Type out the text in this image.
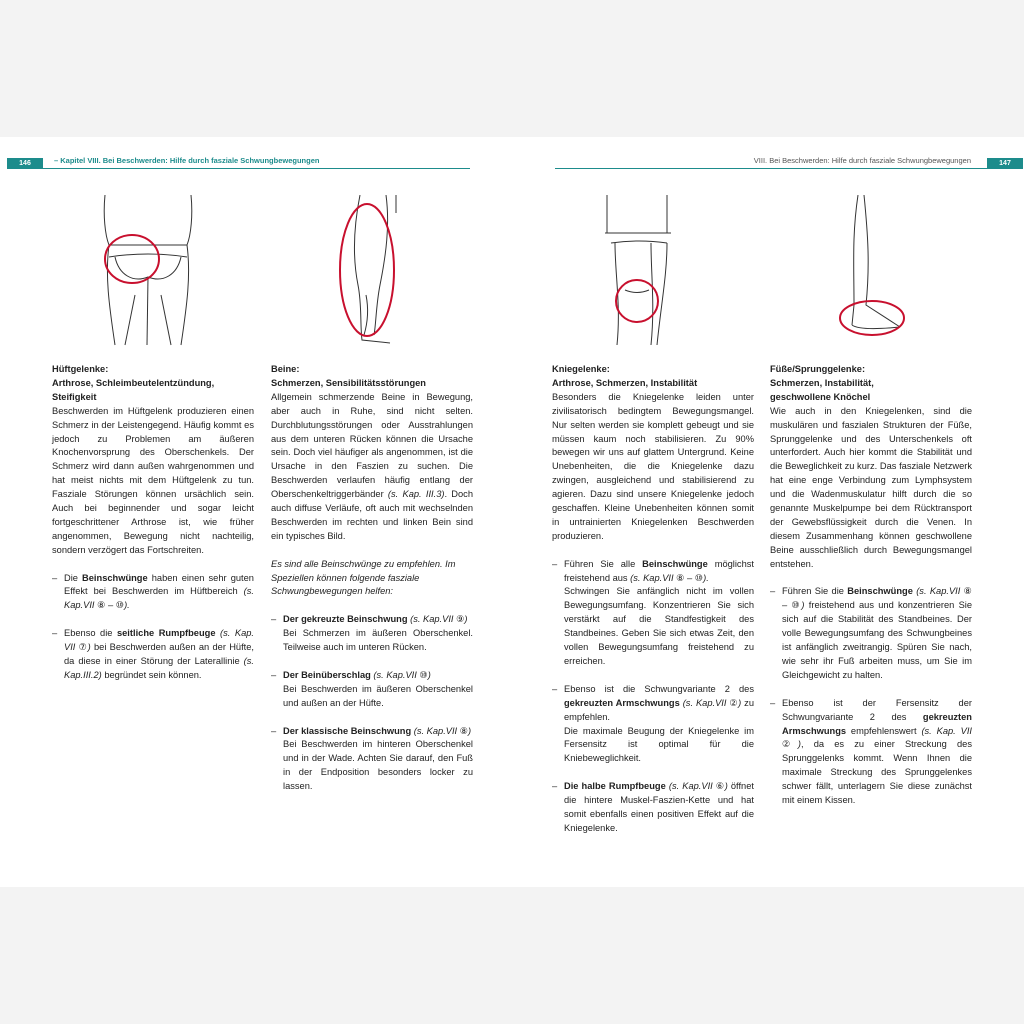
146	– Kapitel VIII. Bei Beschwerden: Hilfe durch fasziale Schwungbewegungen	VIII. Bei Beschwerden: Hilfe durch fasziale Schwungbewegungen	147

Hüftgelenke:

Arthrose, Schleimbeutelentzündung,

Steifigkeit

Beschwerden im Hüftgelenk produzieren einen Schmerz in der Leistengegend. Häufig kommt es jedoch zu Problemen am äußeren Knochenvorsprung des Oberschenkels. Der Schmerz wird dann außen wahrgenommen und hat meist nichts mit dem Hüftgelenk zu tun. Fasziale Störungen können ursächlich sein. Auch bei beginnender und sogar leicht fortgeschrittener Arthrose ist, wie früher angenommen, Bewegung nicht nachteilig, sondern verzögert das Fortschreiten.

– Die Beinschwünge haben einen sehr guten Effekt bei Beschwerden im Hüftbereich (s. Kap.VII ⑧ – ⑩).
– Ebenso die seitliche Rumpfbeuge (s. Kap. VII ⑦) bei Beschwerden außen an der Hüfte, da diese in einer Störung der Laterallinie (s. Kap.III.2) begründet sein können.

Beine:

Schmerzen, Sensibilitätsstörungen

Allgemein schmerzende Beine in Bewegung, aber auch in Ruhe, sind nicht selten. Durchblutungsstörungen oder Ausstrahlungen aus dem unteren Rücken können die Ursache sein. Doch viel häufiger als angenommen, ist die Ursache in den Faszien zu suchen. Die Beschwerden verlaufen häufig entlang der Oberschenkeltriggerbänder (s. Kap. III.3). Doch auch diffuse Verläufe, oft auch mit wechselnden Beschwerden im rechten und linken Bein sind ein typisches Bild.

Es sind alle Beinschwünge zu empfehlen. Im Speziellen können folgende fasziale Schwungbewegungen helfen:

– Der gekreuzte Beinschwung (s. Kap.VII ⑨)
Bei Schmerzen im äußeren Oberschenkel. Teilweise auch im unteren Rücken.
– Der Beinüberschlag (s. Kap.VII ⑩)
Bei Beschwerden im äußeren Oberschenkel und außen an der Hüfte.
– Der klassische Beinschwung (s. Kap.VII ⑧)
Bei Beschwerden im hinteren Oberschenkel und in der Wade. Achten Sie darauf, den Fuß in der Endposition besonders locker zu lassen.

Kniegelenke:

Arthrose, Schmerzen, Instabilität

Besonders die Kniegelenke leiden unter zivilisatorisch bedingtem Bewegungsmangel. Nur selten werden sie komplett gebeugt und sie müssen kaum noch stabilisieren. Zu 90% bewegen wir uns auf glattem Untergrund. Keine Unebenheiten, die die Kniegelenke dazu zwingen, ausgleichend und stabilisierend zu agieren. Dazu sind unsere Kniegelenke jedoch geschaffen. Kleine Unebenheiten können somit in untrainierten Kniegelenken Beschwerden produzieren.

– Führen Sie alle Beinschwünge möglichst freistehend aus (s. Kap.VII ⑧ – ⑩).
Schwingen Sie anfänglich nicht im vollen Bewegungsumfang. Konzentrieren Sie sich verstärkt auf die Standfestigkeit des Standbeines. Geben Sie sich etwas Zeit, den vollen Bewegungsumfang freistehend zu erreichen.
– Ebenso ist die Schwungvariante 2 des gekreuzten Armschwungs (s. Kap.VII ②) zu empfehlen.
Die maximale Beugung der Kniegelenke im Fersensitz ist optimal für die Kniebeweglichkeit.
– Die halbe Rumpfbeuge (s. Kap.VII ⑥) öffnet die hintere Muskel-Faszien-Kette und hat somit ebenfalls einen positiven Effekt auf die Kniegelenke.

Füße/Sprunggelenke:

Schmerzen, Instabilität,

geschwollene Knöchel

Wie auch in den Kniegelenken, sind die muskulären und faszialen Strukturen der Füße, Sprunggelenke und des Unterschenkels oft unterfordert. Auch hier kommt die Stabilität und die Beweglichkeit zu kurz. Das fasziale Netzwerk hat eine enge Verbindung zum Lymphsystem und die Wadenmuskulatur hilft durch die so genannte Muskelpumpe bei dem Rücktransport der Gewebsflüssigkeit durch die Venen. In diesem Zusammenhang können geschwollene Beine ausschließlich durch Bewegungsmangel entstehen.

– Führen Sie die Beinschwünge (s. Kap.VII ⑧ – ⑩) freistehend aus und konzentrieren Sie sich auf die Stabilität des Standbeines. Der volle Bewegungsumfang des Schwungbeines ist anfänglich zweitrangig. Spüren Sie nach, wie sehr ihr Fuß arbeiten muss, um Sie im Gleichgewicht zu halten.
– Ebenso ist der Fersensitz der Schwungvariante 2 des gekreuzten Armschwungs empfehlenswert (s. Kap. VII ②), da es zu einer Streckung des Sprunggelenks kommt. Wenn Ihnen die maximale Streckung des Sprunggelenkes schwer fällt, unterlagern Sie diese zunächst mit einem Kissen.
